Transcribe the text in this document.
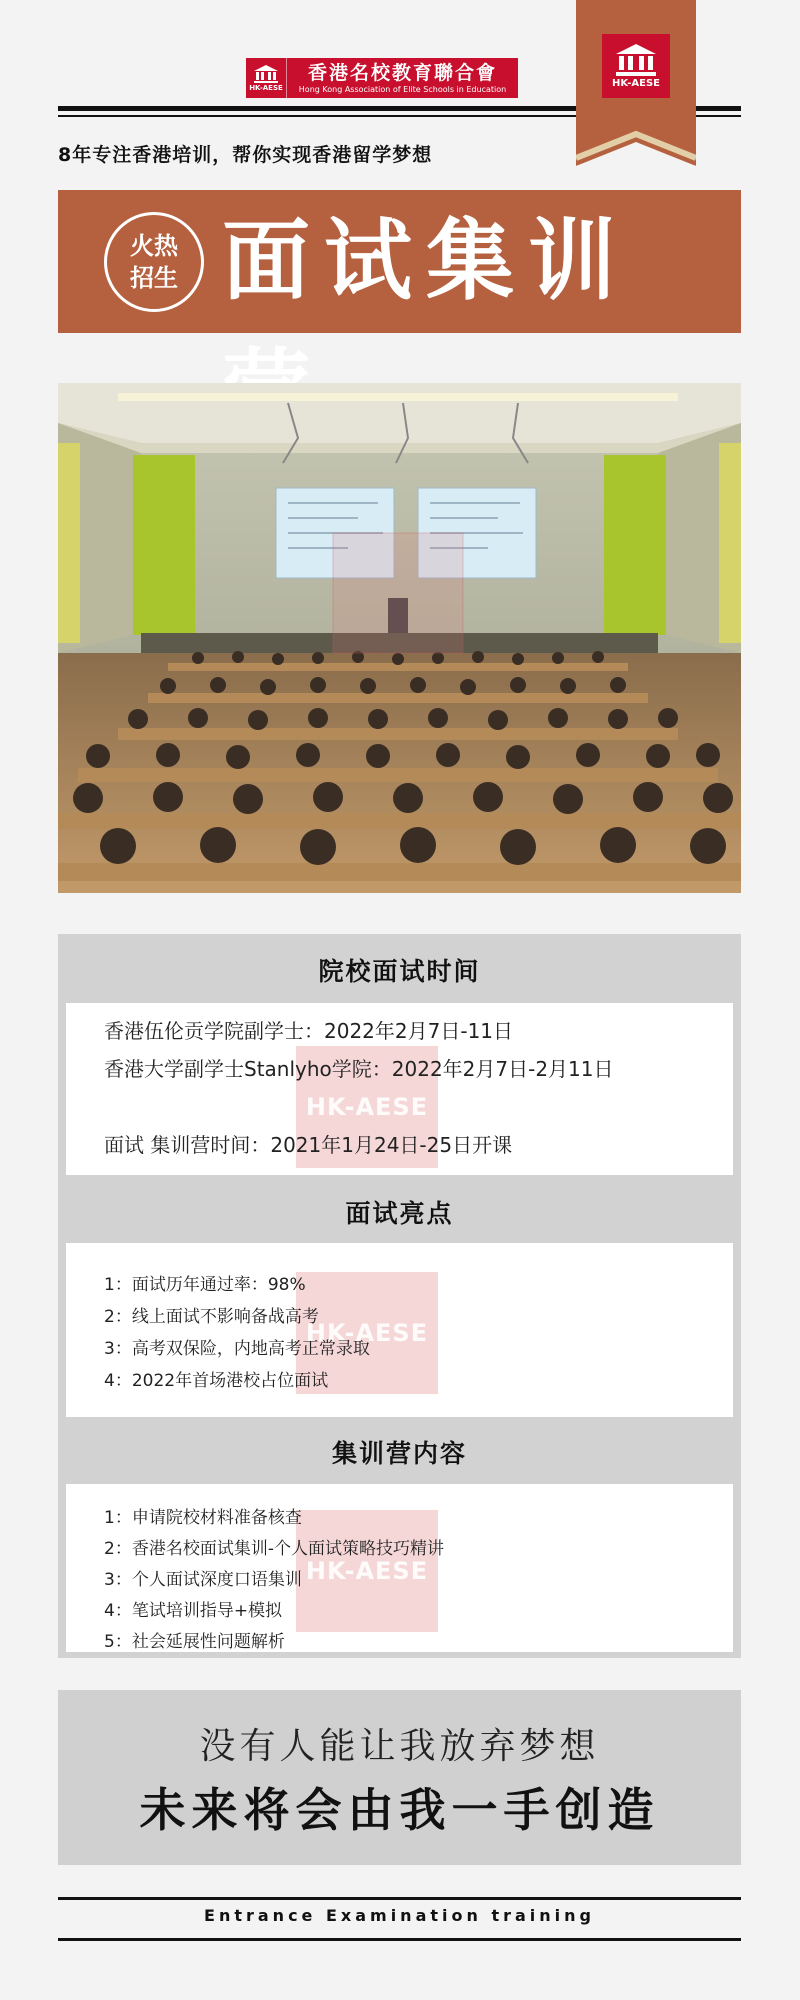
HK-AESE
香港名校教育聯合會
Hong Kong Association of Elite Schools in Education	HK-AESE
8年专注香港培训，帮你实现香港留学梦想
火热
招生 面试集训
院校面试时间
HK-AESE
香港伍伦贡学院副学士：2022年2月7日-11日
香港大学副学士Stanlyho学院：2022年2月7日-2月11日
面试 集训营时间：2021年1月24日-25日开课
面试亮点
HK-AESE
1：面试历年通过率：98%
2：线上面试不影响备战高考
3：高考双保险，内地高考正常录取
4：2022年首场港校占位面试
集训营内容
HK-AESE
1：申请院校材料准备核查
2：香港名校面试集训-个人面试策略技巧精讲
3：个人面试深度口语集训
4：笔试培训指导+模拟
5：社会延展性问题解析
没有人能让我放弃梦想
未来将会由我一手创造
Entrance Examination training
